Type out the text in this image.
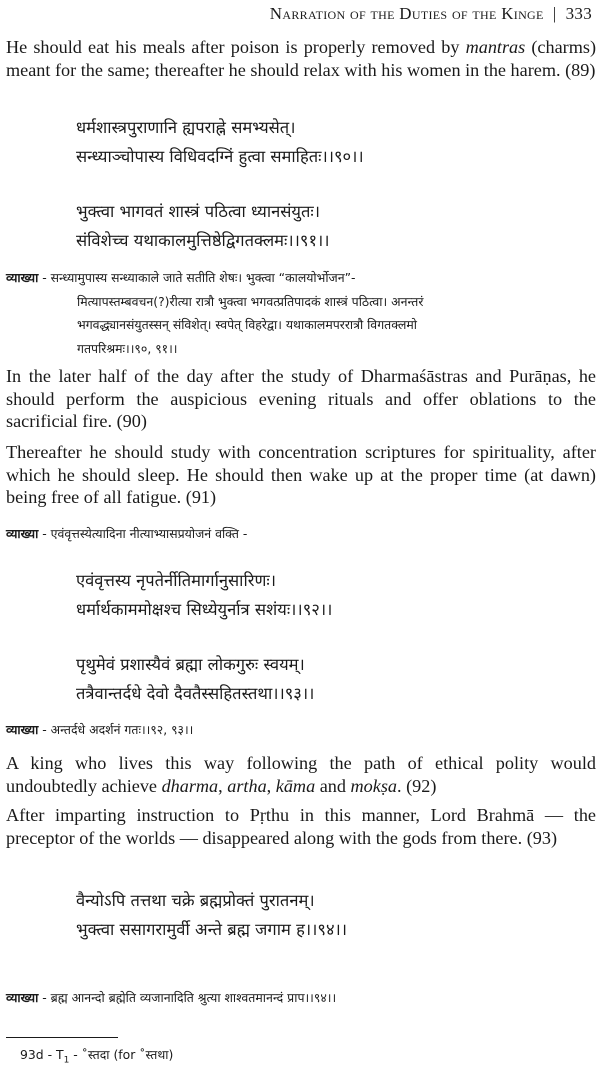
Narration of the Duties of the Kinge | 333
He should eat his meals after poison is properly removed by mantras (charms) meant for the same; thereafter he should relax with his women in the harem. (89)
धर्मशास्त्रपुराणानि ह्यपराह्ने समभ्यसेत्।
सन्ध्याञ्चोपास्य विधिवदग्निं हुत्वा समाहितः।।९०।।
भुक्त्वा भागवतं शास्त्रं पठित्वा ध्यानसंयुतः।
संविशेच्च यथाकालमुत्तिष्ठेद्विगतक्लमः।।९१।।
व्याख्या - सन्ध्यामुपास्य सन्ध्याकाले जाते सतीति शेषः। भुक्त्वा “कालयोर्भोजन”-
मित्यापस्तम्बवचन(?)रीत्या रात्रौ भुक्त्वा भगवत्प्रतिपादकं शास्त्रं पठित्वा। अनन्तरं
भगवद्ध्यानसंयुतस्सन् संविशेत्। स्वपेत् विहरेद्वा। यथाकालमपररात्रौ विगतक्लमो
गतपरिश्रमः।।९०, ९१।।
In the later half of the day after the study of Dharmaśāstras and Purāṇas, he should perform the auspicious evening rituals and offer oblations to the sacrificial fire. (90)
Thereafter he should study with concentration scriptures for spirituality, after which he should sleep. He should then wake up at the proper time (at dawn) being free of all fatigue. (91)
व्याख्या - एवंवृत्तस्येत्यादिना नीत्याभ्यासप्रयोजनं वक्ति -
एवंवृत्तस्य नृपतेर्नीतिमार्गानुसारिणः।
धर्मार्थकाममोक्षश्च सिध्येयुर्नात्र सशंयः।।९२।।
पृथुमेवं प्रशास्यैवं ब्रह्मा लोकगुरुः स्वयम्।
तत्रैवान्तर्दधे देवो दैवतैस्सहितस्तथा।।९३।।
व्याख्या - अन्तर्दधे अदर्शनं गतः।।९२, ९३।।
A king who lives this way following the path of ethical polity would undoubtedly achieve dharma, artha, kāma and mokṣa. (92)
After imparting instruction to Pṛthu in this manner, Lord Brahmā — the preceptor of the worlds — disappeared along with the gods from there. (93)
वैन्योऽपि तत्तथा चक्रे ब्रह्मप्रोक्तं पुरातनम्।
भुक्त्वा ससागरामुर्वी अन्ते ब्रह्म जगाम ह।।९४।।
व्याख्या - ब्रह्म आनन्दो ब्रह्मेति व्यजानादिति श्रुत्या शाश्वतमानन्दं प्राप।।९४।।
$93d - T_1$ - ˚स्तदा (for ˚स्तथा)
